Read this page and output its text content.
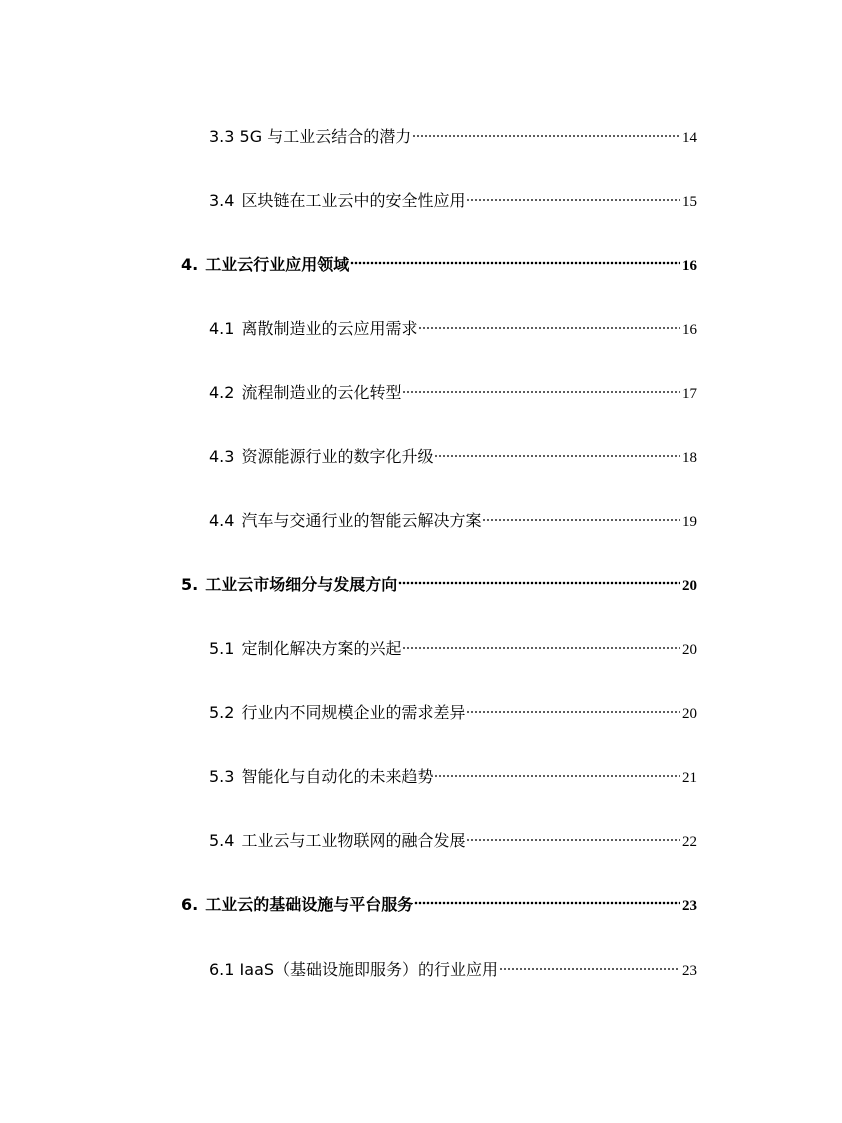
3.3 5G 与工业云结合的潜力	14
3.4 区块链在工业云中的安全性应用	15
4. 工业云行业应用领域	16
4.1 离散制造业的云应用需求	16
4.2 流程制造业的云化转型	17
4.3 资源能源行业的数字化升级	18
4.4 汽车与交通行业的智能云解决方案	19
5. 工业云市场细分与发展方向	20
5.1 定制化解决方案的兴起	20
5.2 行业内不同规模企业的需求差异	20
5.3 智能化与自动化的未来趋势	21
5.4 工业云与工业物联网的融合发展	22
6. 工业云的基础设施与平台服务	23
6.1 IaaS（基础设施即服务）的行业应用	23
